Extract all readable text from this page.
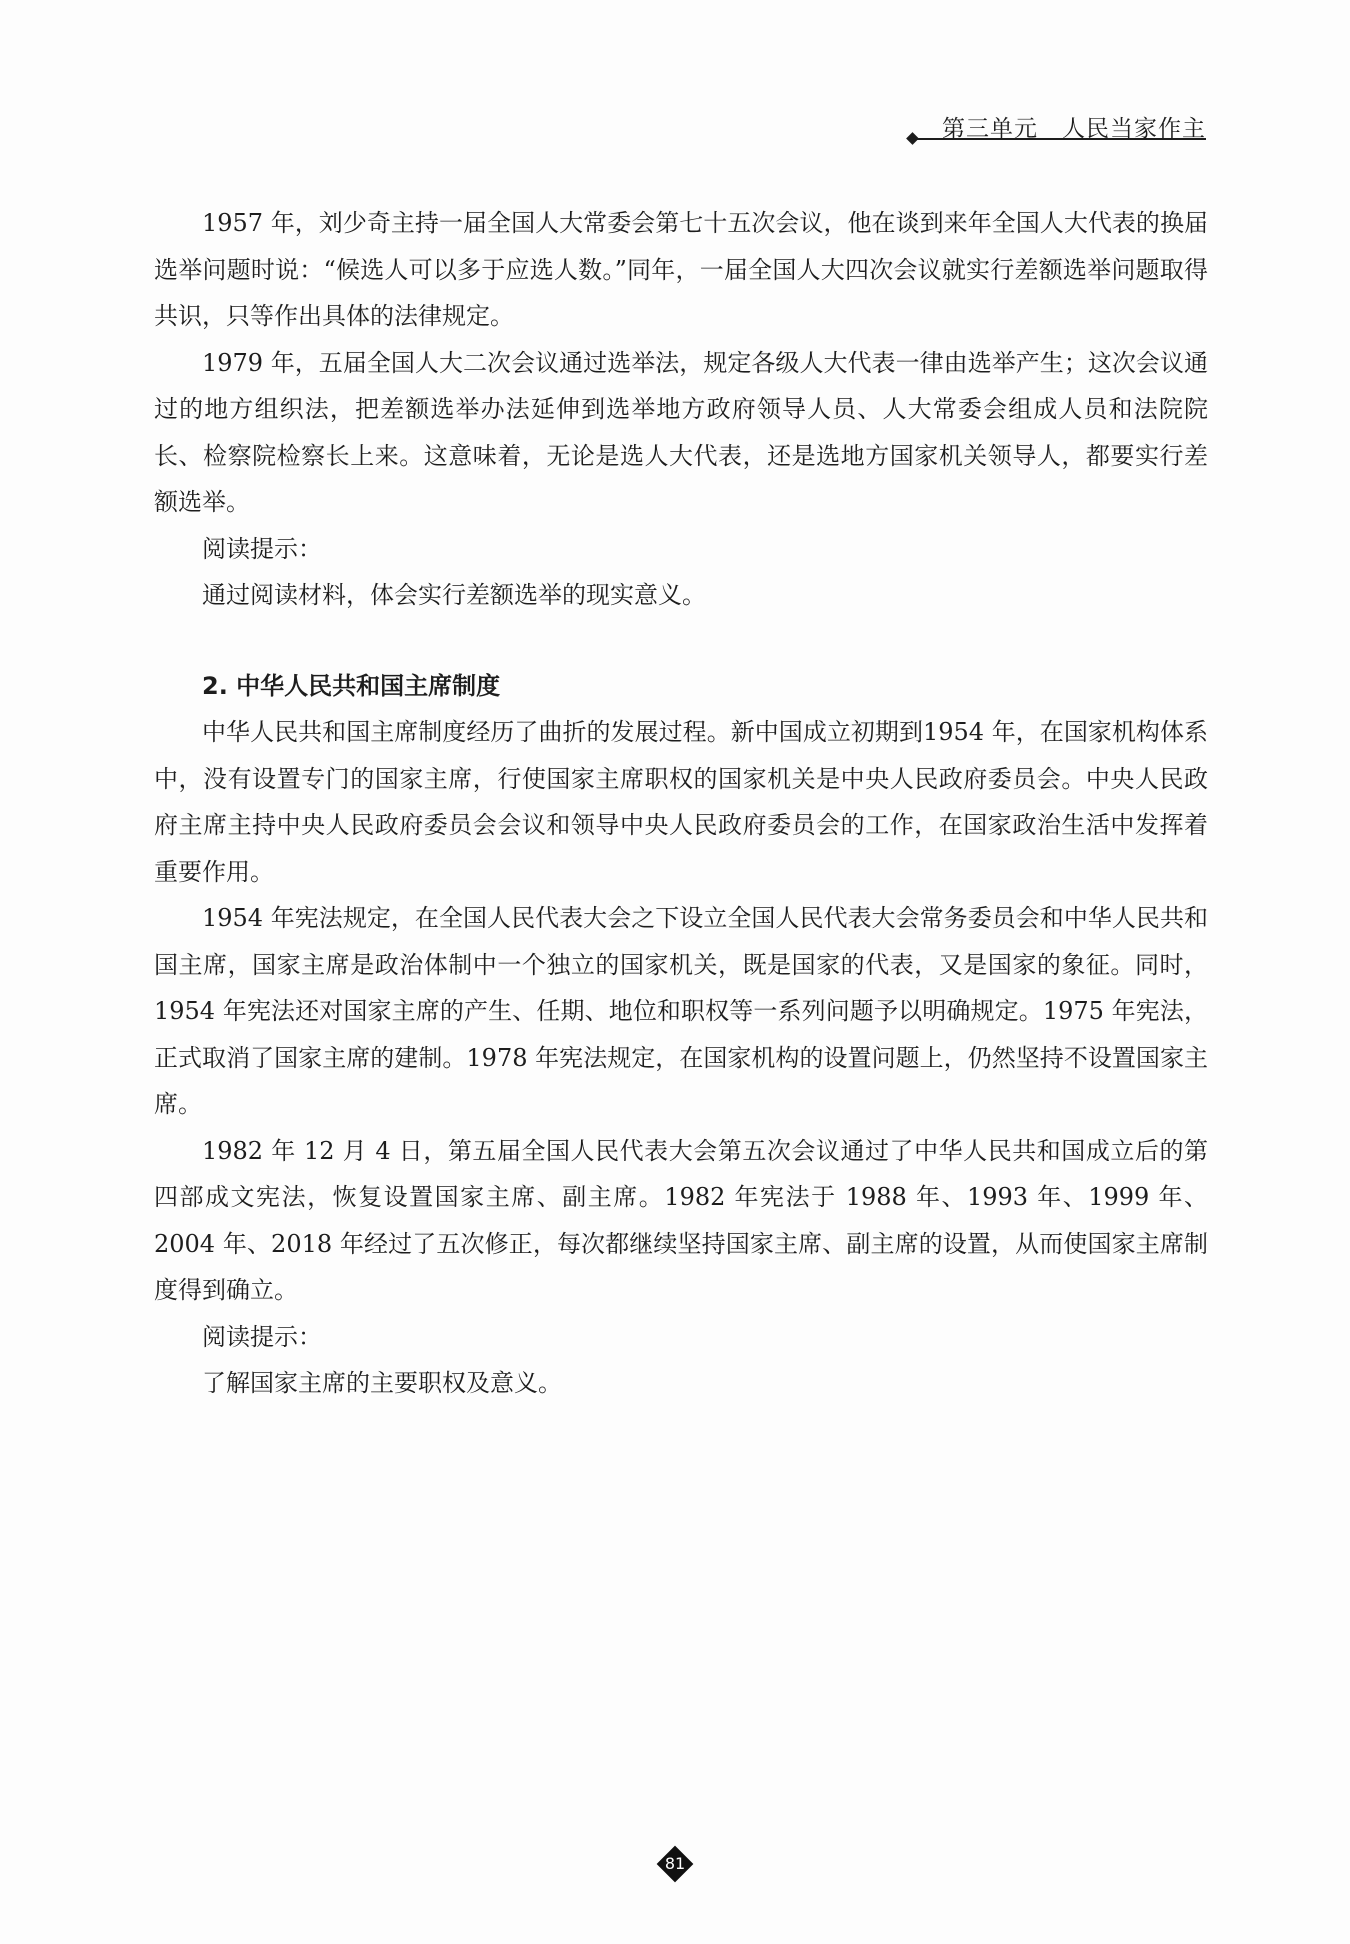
第三单元　人民当家作主

1957 年，刘少奇主持一届全国人大常委会第七十五次会议，他在谈到来年全国人大代表的换届选举问题时说：“候选人可以多于应选人数。”同年，一届全国人大四次会议就实行差额选举问题取得共识，只等作出具体的法律规定。

1979 年，五届全国人大二次会议通过选举法，规定各级人大代表一律由选举产生；这次会议通过的地方组织法，把差额选举办法延伸到选举地方政府领导人员、人大常委会组成人员和法院院长、检察院检察长上来。这意味着，无论是选人大代表，还是选地方国家机关领导人，都要实行差额选举。

阅读提示：

通过阅读材料，体会实行差额选举的现实意义。

2. 中华人民共和国主席制度

中华人民共和国主席制度经历了曲折的发展过程。新中国成立初期到1954 年，在国家机构体系中，没有设置专门的国家主席，行使国家主席职权的国家机关是中央人民政府委员会。中央人民政府主席主持中央人民政府委员会会议和领导中央人民政府委员会的工作，在国家政治生活中发挥着重要作用。

1954 年宪法规定，在全国人民代表大会之下设立全国人民代表大会常务委员会和中华人民共和国主席，国家主席是政治体制中一个独立的国家机关，既是国家的代表，又是国家的象征。同时，1954 年宪法还对国家主席的产生、任期、地位和职权等一系列问题予以明确规定。1975 年宪法，正式取消了国家主席的建制。1978 年宪法规定，在国家机构的设置问题上，仍然坚持不设置国家主席。

1982 年 12 月 4 日，第五届全国人民代表大会第五次会议通过了中华人民共和国成立后的第四部成文宪法，恢复设置国家主席、副主席。1982 年宪法于 1988 年、1993 年、1999 年、2004 年、2018 年经过了五次修正，每次都继续坚持国家主席、副主席的设置，从而使国家主席制度得到确立。

阅读提示：

了解国家主席的主要职权及意义。

81
